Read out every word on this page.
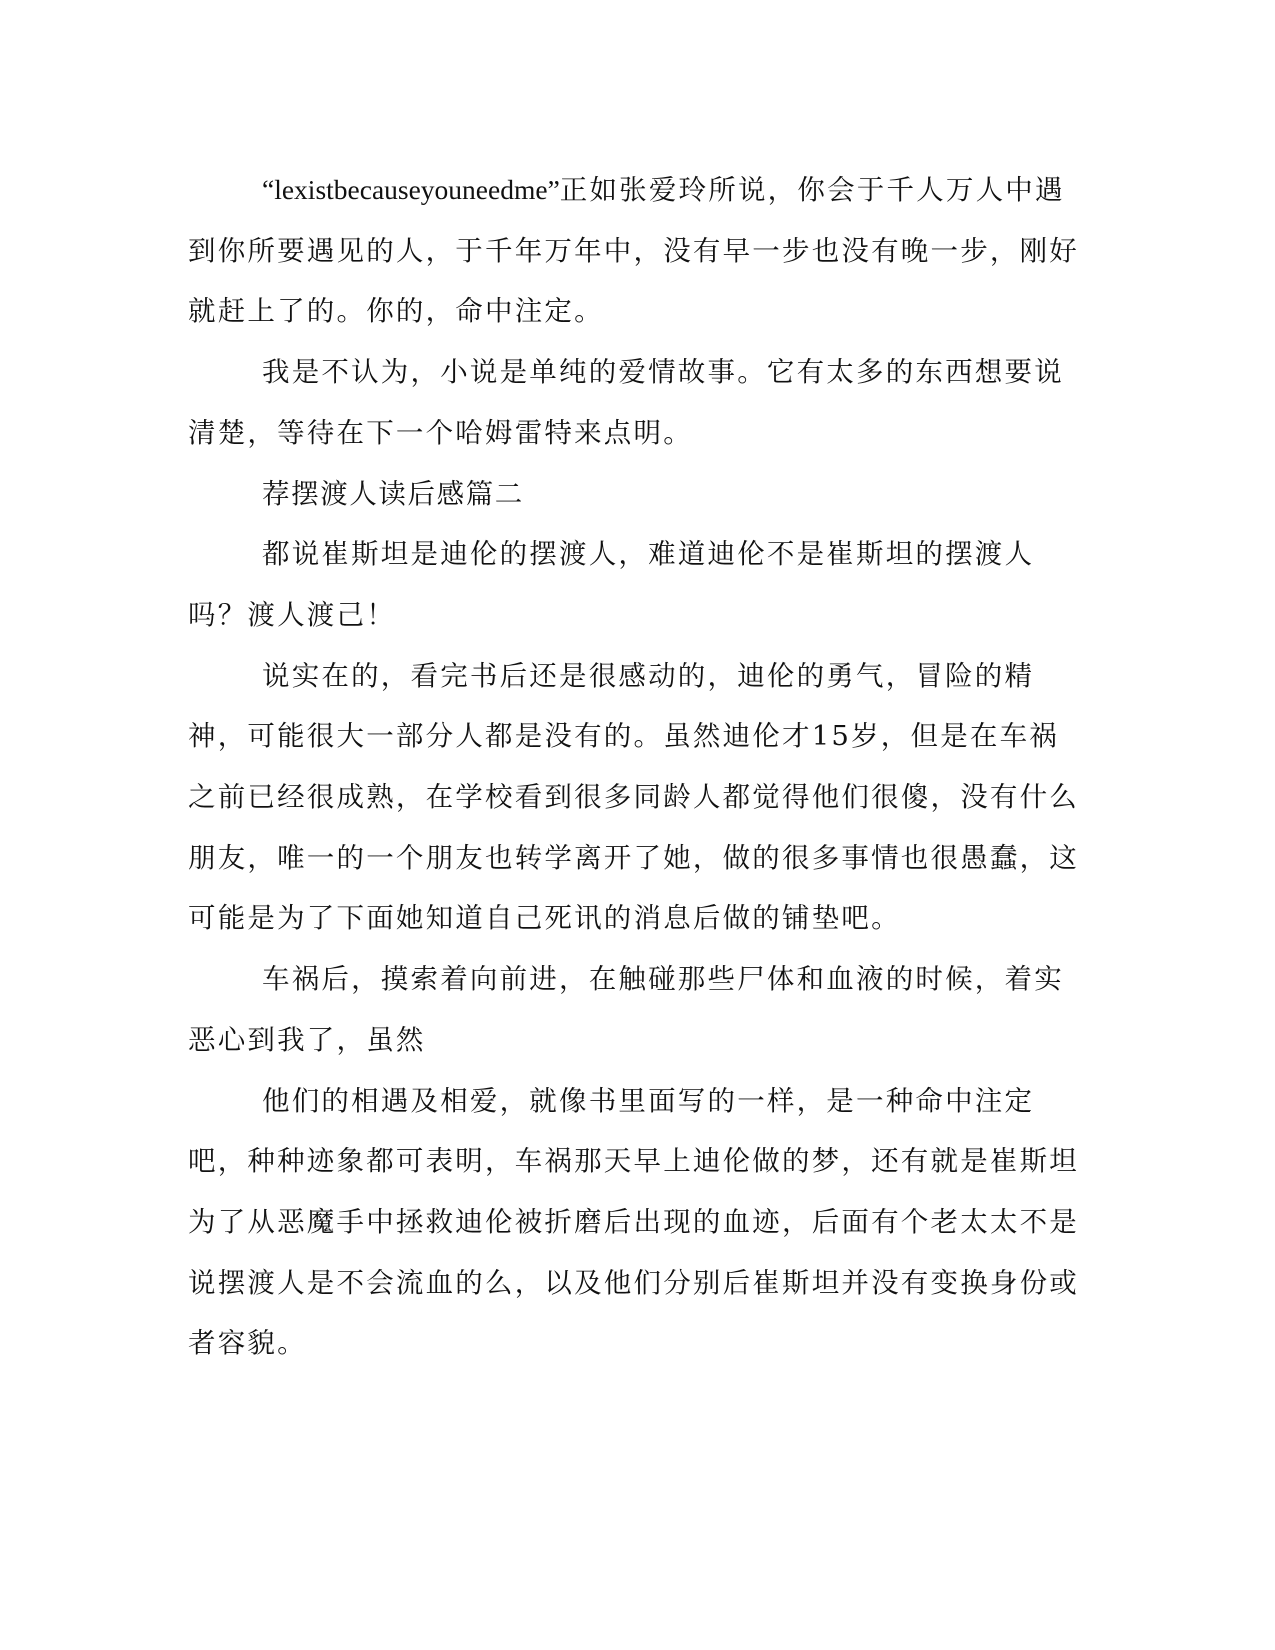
“lexistbecauseyouneedme”正如张爱玲所说，你会于千人万人中遇到你所要遇见的人，于千年万年中，没有早一步也没有晚一步，刚好就赶上了的。你的，命中注定。

我是不认为，小说是单纯的爱情故事。它有太多的东西想要说清楚，等待在下一个哈姆雷特来点明。

荐摆渡人读后感篇二

都说崔斯坦是迪伦的摆渡人，难道迪伦不是崔斯坦的摆渡人吗？渡人渡己！

说实在的，看完书后还是很感动的，迪伦的勇气，冒险的精神，可能很大一部分人都是没有的。虽然迪伦才15岁，但是在车祸之前已经很成熟，在学校看到很多同龄人都觉得他们很傻，没有什么朋友，唯一的一个朋友也转学离开了她，做的很多事情也很愚蠢，这可能是为了下面她知道自己死讯的消息后做的铺垫吧。

车祸后，摸索着向前进，在触碰那些尸体和血液的时候，着实恶心到我了，虽然

他们的相遇及相爱，就像书里面写的一样，是一种命中注定吧，种种迹象都可表明，车祸那天早上迪伦做的梦，还有就是崔斯坦为了从恶魔手中拯救迪伦被折磨后出现的血迹，后面有个老太太不是说摆渡人是不会流血的么，以及他们分别后崔斯坦并没有变换身份或者容貌。
